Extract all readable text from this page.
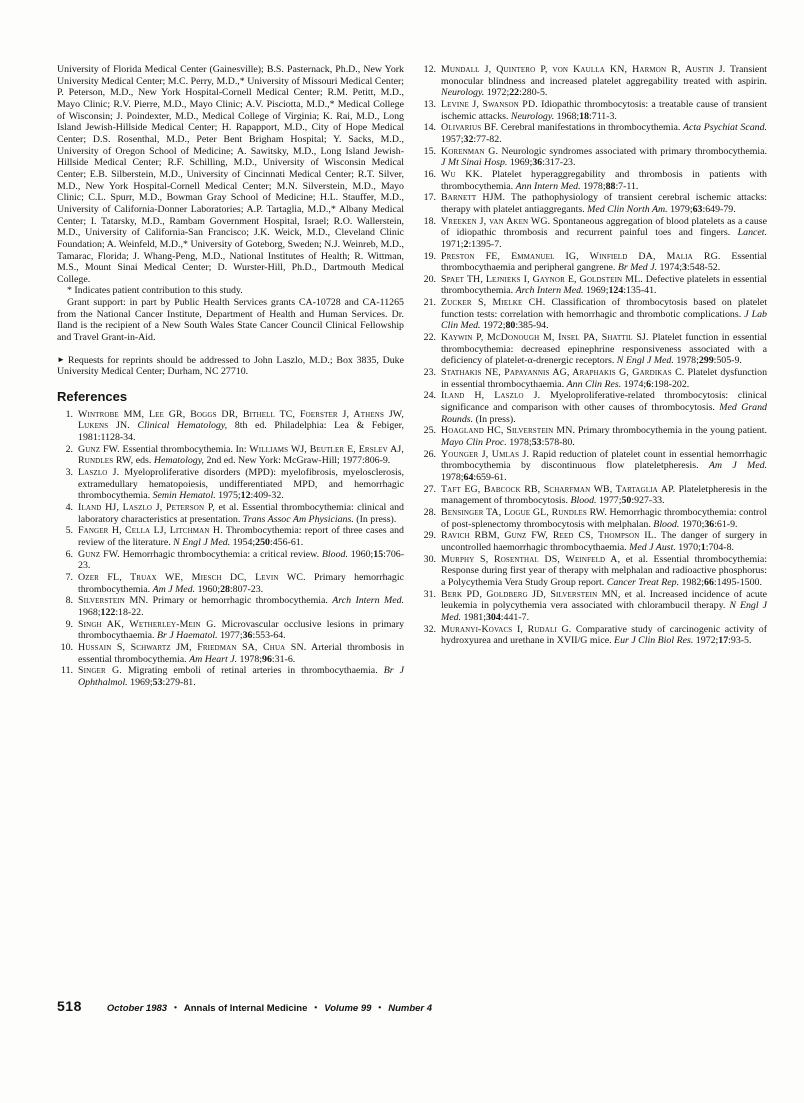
University of Florida Medical Center (Gainesville); B.S. Pasternack, Ph.D., New York University Medical Center; M.C. Perry, M.D.,* University of Missouri Medical Center; P. Peterson, M.D., New York Hospital-Cornell Medical Center; R.M. Petitt, M.D., Mayo Clinic; R.V. Pierre, M.D., Mayo Clinic; A.V. Pisciotta, M.D.,* Medical College of Wisconsin; J. Poindexter, M.D., Medical College of Virginia; K. Rai, M.D., Long Island Jewish-Hillside Medical Center; H. Rapapport, M.D., City of Hope Medical Center; D.S. Rosenthal, M.D., Peter Bent Brigham Hospital; Y. Sacks, M.D., University of Oregon School of Medicine; A. Sawitsky, M.D., Long Island Jewish-Hillside Medical Center; R.F. Schilling, M.D., University of Wisconsin Medical Center; E.B. Silberstein, M.D., University of Cincinnati Medical Center; R.T. Silver, M.D., New York Hospital-Cornell Medical Center; M.N. Silverstein, M.D., Mayo Clinic; C.L. Spurr, M.D., Bowman Gray School of Medicine; H.L. Stauffer, M.D., University of California-Donner Laboratories; A.P. Tartaglia, M.D.,* Albany Medical Center; I. Tatarsky, M.D., Rambam Government Hospital, Israel; R.O. Wallerstein, M.D., University of California-San Francisco; J.K. Weick, M.D., Cleveland Clinic Foundation; A. Weinfeld, M.D.,* University of Goteborg, Sweden; N.J. Weinreb, M.D., Tamarac, Florida; J. Whang-Peng, M.D., National Institutes of Health; R. Wittman, M.S., Mount Sinai Medical Center; D. Wurster-Hill, Ph.D., Dartmouth Medical College.

* Indicates patient contribution to this study.

Grant support: in part by Public Health Services grants CA-10728 and CA-11265 from the National Cancer Institute, Department of Health and Human Services. Dr. Iland is the recipient of a New South Wales State Cancer Council Clinical Fellowship and Travel Grant-in-Aid.

► Requests for reprints should be addressed to John Laszlo, M.D.; Box 3835, Duke University Medical Center; Durham, NC 27710.

References
1. Wintrobe MM, Lee GR, Boggs DR, Bithell TC, Foerster J, Athens JW, Lukens JN. Clinical Hematology, 8th ed. Philadelphia: Lea & Febiger, 1981:1128-34.
2. Gunz FW. Essential thrombocythemia. In: Williams WJ, Beutler E, Erslev AJ, Rundles RW, eds. Hematology, 2nd ed. New York: McGraw-Hill; 1977:806-9.
3. Laszlo J. Myeloproliferative disorders (MPD): myelofibrosis, myelosclerosis, extramedullary hematopoiesis, undifferentiated MPD, and hemorrhagic thrombocythemia. Semin Hematol. 1975;12:409-32.
4. Iland HJ, Laszlo J, Peterson P, et al. Essential thrombocythemia: clinical and laboratory characteristics at presentation. Trans Assoc Am Physicians. (In press).
5. Fanger H, Cella LJ, Litchman H. Thrombocythemia: report of three cases and review of the literature. N Engl J Med. 1954;250:456-61.
6. Gunz FW. Hemorrhagic thrombocythemia: a critical review. Blood. 1960;15:706-23.
7. Ozer FL, Truax WE, Miesch DC, Levin WC. Primary hemorrhagic thrombocythemia. Am J Med. 1960;28:807-23.
8. Silverstein MN. Primary or hemorrhagic thrombocythemia. Arch Intern Med. 1968;122:18-22.
9. Singh AK, Wetherley-Mein G. Microvascular occlusive lesions in primary thrombocythaemia. Br J Haematol. 1977;36:553-64.
10. Hussain S, Schwartz JM, Friedman SA, Chua SN. Arterial thrombosis in essential thrombocythemia. Am Heart J. 1978;96:31-6.
11. Singer G. Migrating emboli of retinal arteries in thrombocythaemia. Br J Ophthalmol. 1969;53:279-81.
12. Mundall J, Quintero P, von Kaulla KN, Harmon R, Austin J. Transient monocular blindness and increased platelet aggregability treated with aspirin. Neurology. 1972;22:280-5.
13. Levine J, Swanson PD. Idiopathic thrombocytosis: a treatable cause of transient ischemic attacks. Neurology. 1968;18:711-3.
14. Olivarius BF. Cerebral manifestations in thrombocythemia. Acta Psychiat Scand. 1957;32:77-82.
15. Korenman G. Neurologic syndromes associated with primary thrombocythemia. J Mt Sinai Hosp. 1969;36:317-23.
16. Wu KK. Platelet hyperaggregability and thrombosis in patients with thrombocythemia. Ann Intern Med. 1978;88:7-11.
17. Barnett HJM. The pathophysiology of transient cerebral ischemic attacks: therapy with platelet antiaggregants. Med Clin North Am. 1979;63:649-79.
18. Vreeken J, van Aken WG. Spontaneous aggregation of blood platelets as a cause of idiopathic thrombosis and recurrent painful toes and fingers. Lancet. 1971;2:1395-7.
19. Preston FE, Emmanuel IG, Winfield DA, Malia RG. Essential thrombocythaemia and peripheral gangrene. Br Med J. 1974;3:548-52.
20. Spaet TH, Lejnieks I, Gaynor E, Goldstein ML. Defective platelets in essential thrombocythemia. Arch Intern Med. 1969;124:135-41.
21. Zucker S, Mielke CH. Classification of thrombocytosis based on platelet function tests: correlation with hemorrhagic and thrombotic complications. J Lab Clin Med. 1972;80:385-94.
22. Kaywin P, McDonough M, Insel PA, Shattil SJ. Platelet function in essential thrombocythemia: decreased epinephrine responsiveness associated with a deficiency of platelet-α-drenergic receptors. N Engl J Med. 1978;299:505-9.
23. Stathakis NE, Papayannis AG, Araphakis G, Gardikas C. Platelet dysfunction in essential thrombocythaemia. Ann Clin Res. 1974;6:198-202.
24. Iland H, Laszlo J. Myeloproliferative-related thrombocytosis: clinical significance and comparison with other causes of thrombocytosis. Med Grand Rounds. (In press).
25. Hoagland HC, Silverstein MN. Primary thrombocythemia in the young patient. Mayo Clin Proc. 1978;53:578-80.
26. Younger J, Umlas J. Rapid reduction of platelet count in essential hemorrhagic thrombocythemia by discontinuous flow plateletpheresis. Am J Med. 1978;64:659-61.
27. Taft EG, Babcock RB, Scharfman WB, Tartaglia AP. Plateletpheresis in the management of thrombocytosis. Blood. 1977;50:927-33.
28. Bensinger TA, Logue GL, Rundles RW. Hemorrhagic thrombocythemia: control of post-splenectomy thrombocytosis with melphalan. Blood. 1970;36:61-9.
29. Ravich RBM, Gunz FW, Reed CS, Thompson IL. The danger of surgery in uncontrolled haemorrhagic thrombocythaemia. Med J Aust. 1970;1:704-8.
30. Murphy S, Rosenthal DS, Weinfeld A, et al. Essential thrombocythemia: Response during first year of therapy with melphalan and radioactive phosphorus: a Polycythemia Vera Study Group report. Cancer Treat Rep. 1982;66:1495-1500.
31. Berk PD, Goldberg JD, Silverstein MN, et al. Increased incidence of acute leukemia in polycythemia vera associated with chlorambucil therapy. N Engl J Med. 1981;304:441-7.
32. Muranyi-Kovacs I, Rudali G. Comparative study of carcinogenic activity of hydroxyurea and urethane in XVII/G mice. Eur J Clin Biol Res. 1972;17:93-5.
518	October 1983 • Annals of Internal Medicine • Volume 99 • Number 4
